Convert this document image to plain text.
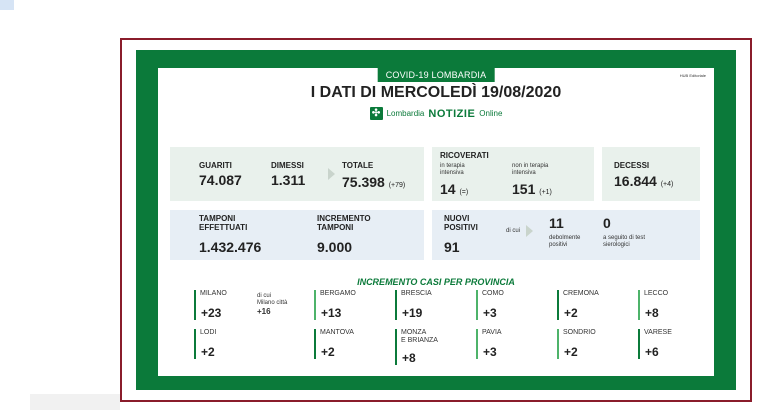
COVID-19 LOMBARDIA	HUB Editoriale
I DATI DI MERCOLEDÌ 19/08/2020
✣ Lombardia NOTIZIE Online
GUARITI
74.087
DIMESSI
1.311
TOTALE
75.398 (+79)
RICOVERATI
in terapia
intensiva
14 (=)
non in terapia
intensiva
151 (+1)
DECESSI
16.844 (+4)
TAMPONI
EFFETTUATI
1.432.476
INCREMENTO
TAMPONI
9.000
NUOVI
POSITIVI
91
di cui 11
debolmente
positivi
0
a seguito di test
sierologici
INCREMENTO CASI PER PROVINCIA
MILANO
+23
di cui
Milano città
+16
BERGAMO
+13
BRESCIA
+19
COMO
+3
CREMONA
+2
LECCO
+8
LODI
+2
MANTOVA
+2
MONZA
E BRIANZA
+8
PAVIA
+3
SONDRIO
+2
VARESE
+6
